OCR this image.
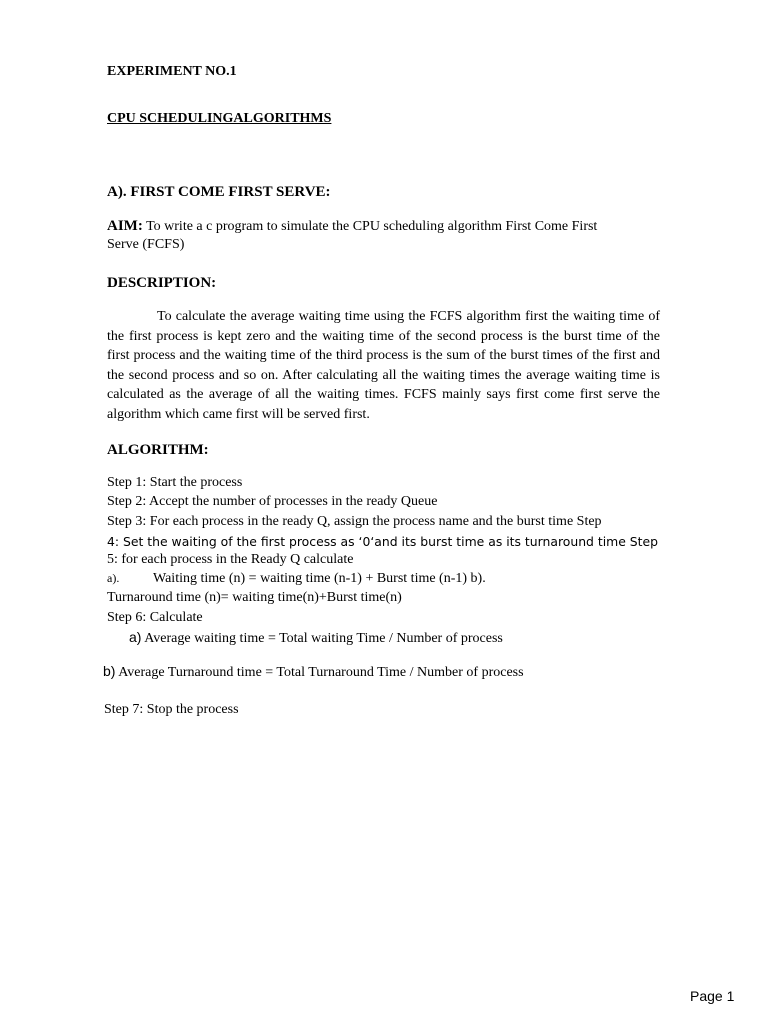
EXPERIMENT NO.1
CPU SCHEDULINGALGORITHMS
A). FIRST COME FIRST SERVE:
AIM: To write a c program to simulate the CPU scheduling algorithm First Come First
Serve (FCFS)
DESCRIPTION:

To calculate the average waiting time using the FCFS algorithm first the waiting time of the first process is kept zero and the waiting time of the second process is the burst time of the first process and the waiting time of the third process is the sum of the burst times of the first and the second process and so on. After calculating all the waiting times the average waiting time is calculated as the average of all the waiting times. FCFS mainly says first come first serve the algorithm which came first will be served first.

ALGORITHM:
Step 1: Start the process
Step 2: Accept the number of processes in the ready Queue
Step 3: For each process in the ready Q, assign the process name and the burst time Step
4: Set the waiting of the first process as ‘0‘and its burst time as its turnaround time Step
5: for each process in the Ready Q calculate
a). Waiting time (n) = waiting time (n-1) + Burst time (n-1) b).
Turnaround time (n)= waiting time(n)+Burst time(n)
Step 6: Calculate
a) Average waiting time = Total waiting Time / Number of process
b) Average Turnaround time = Total Turnaround Time / Number of process
Step 7: Stop the process
Page 1
